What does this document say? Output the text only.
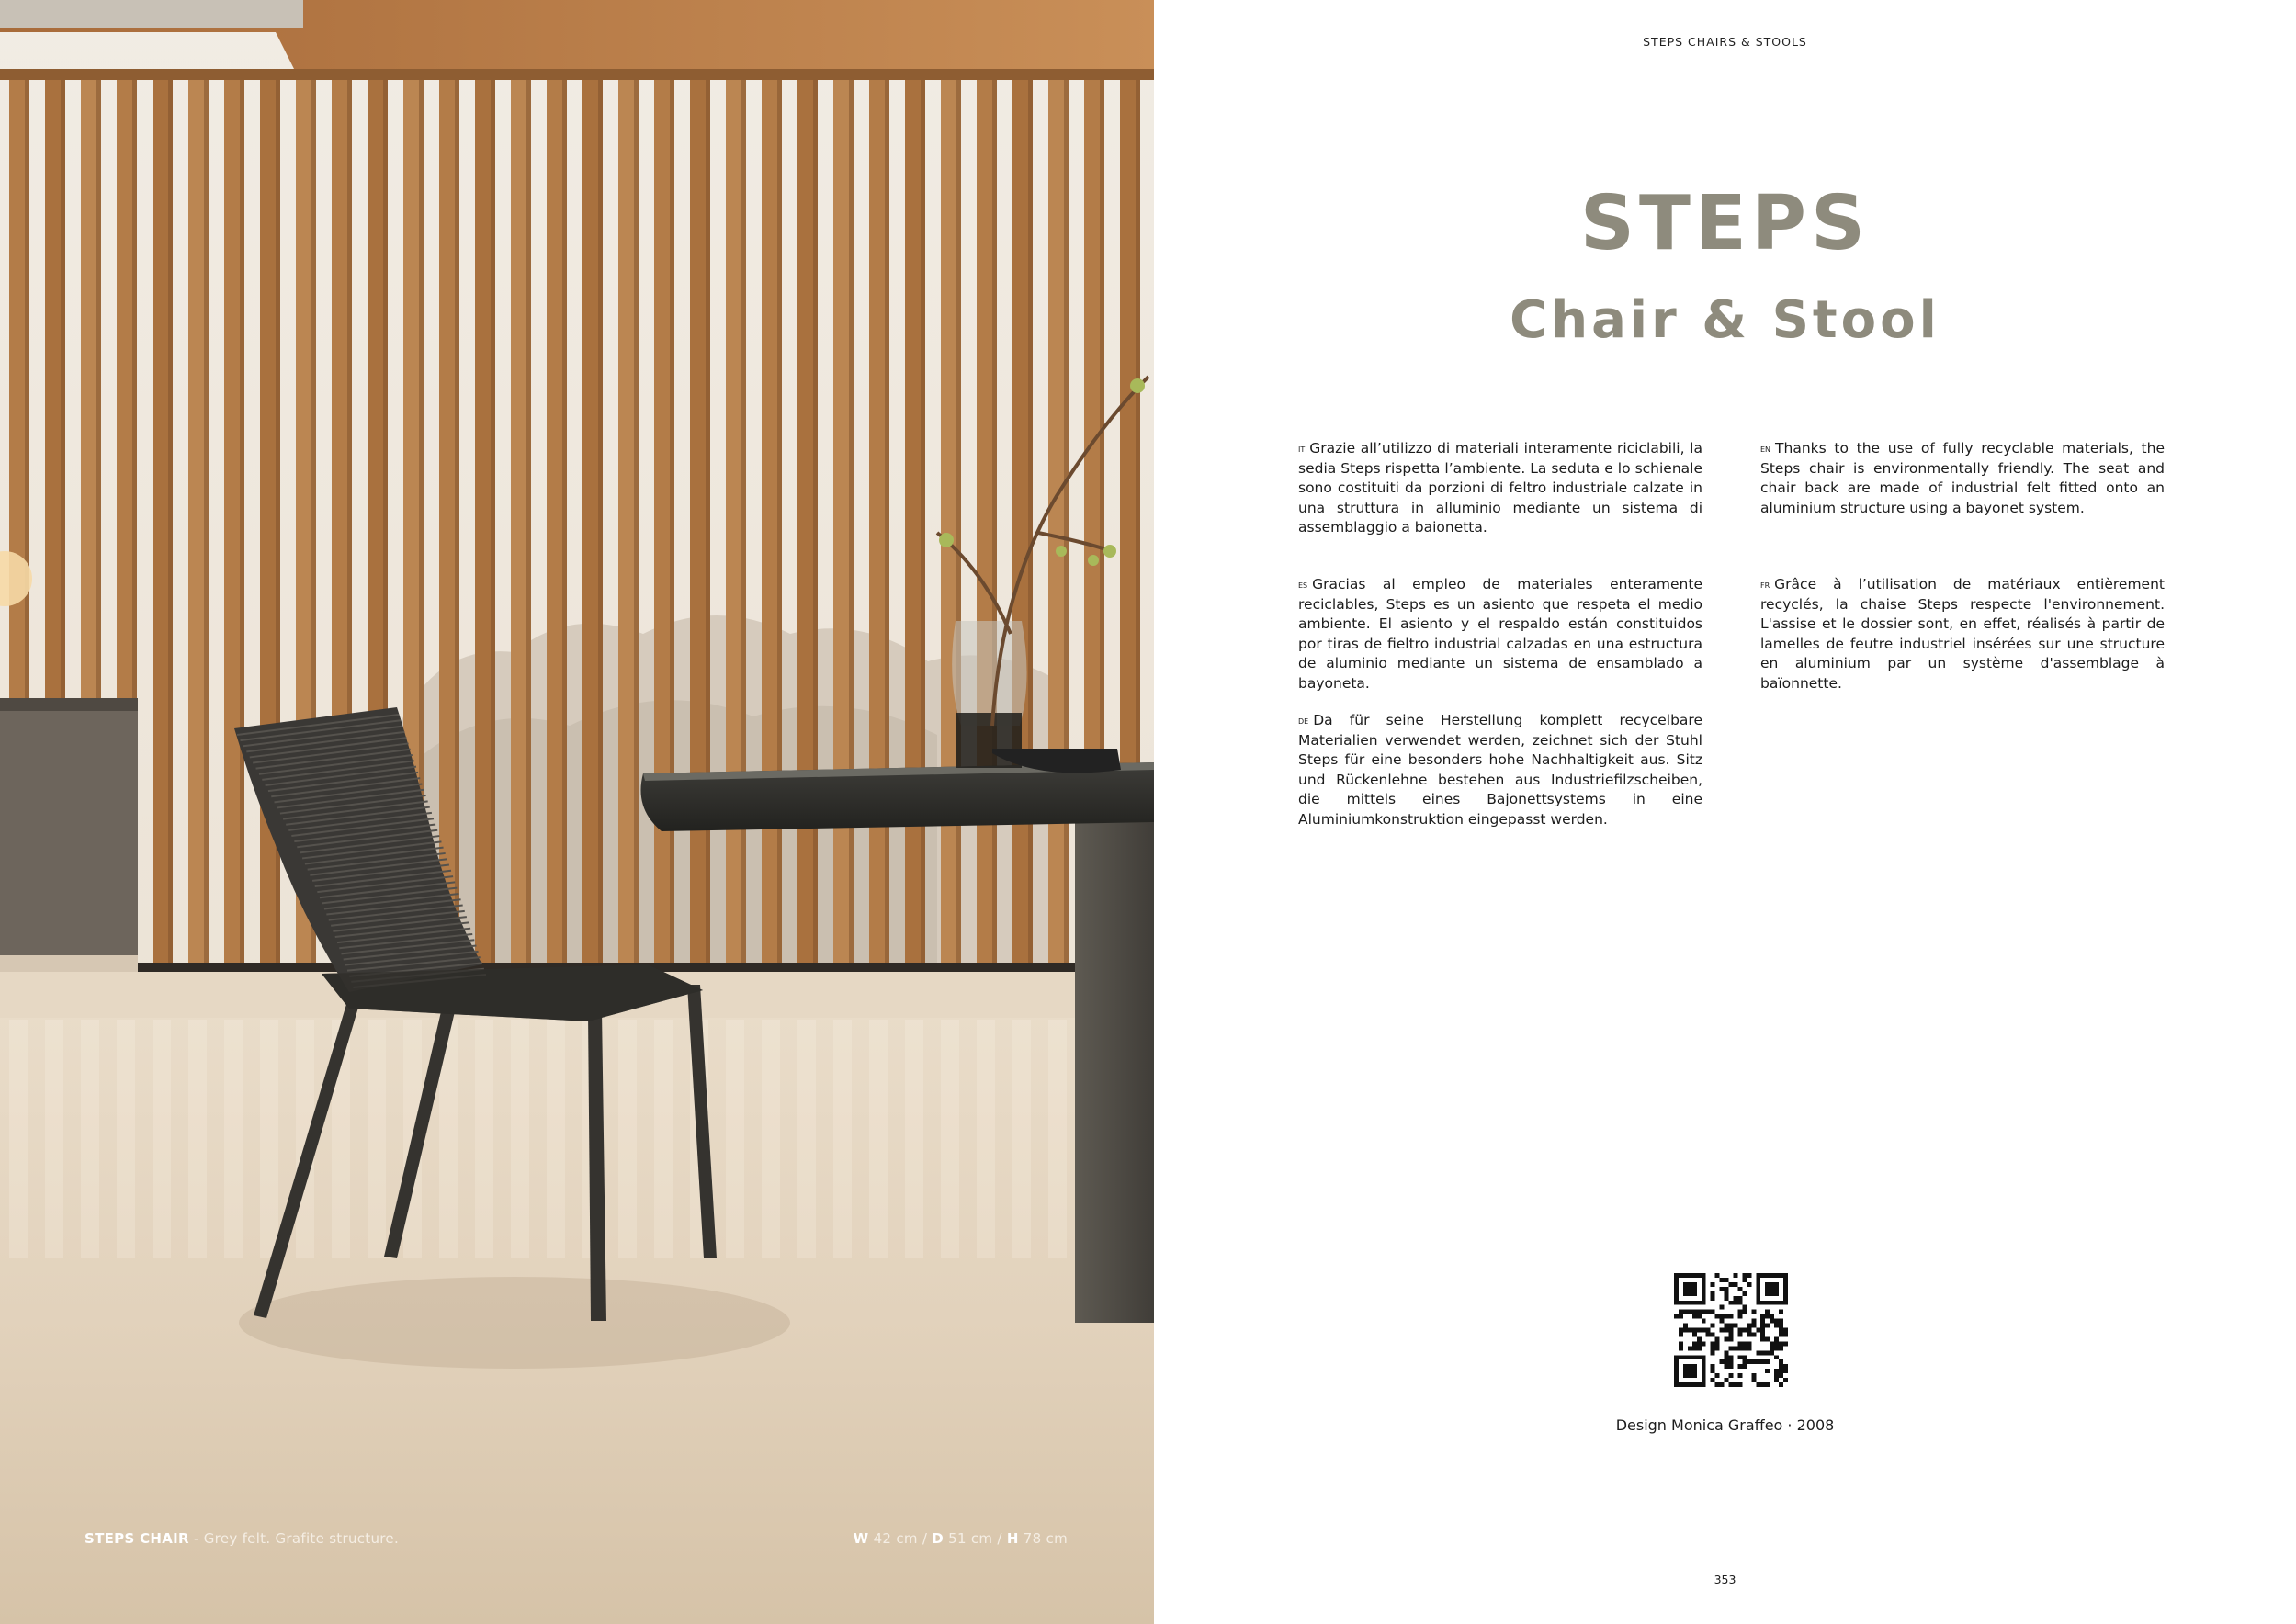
STEPS CHAIR - Grey felt. Grafite structure.	W 42 cm / D 51 cm / H 78 cm
STEPS CHAIRS & STOOLS
STEPS
Chair & Stool
$^{IT}$ Grazie all’utilizzo di materiali interamente riciclabili, la sedia Steps rispetta l’ambiente. La seduta e lo schienale sono costituiti da porzioni di feltro industriale calzate in una struttura in alluminio mediante un sistema di assemblaggio a baionetta.
$^{EN}$ Thanks to the use of fully recyclable materials, the Steps chair is environmentally friendly. The seat and chair back are made of industrial felt fitted onto an aluminium structure using a bayonet system.
$^{ES}$ Gracias al empleo de materiales enteramente reciclables, Steps es un asiento que respeta el medio ambiente. El asiento y el respaldo están constituidos por tiras de fieltro industrial calzadas en una estructura de aluminio mediante un sistema de ensamblado a bayoneta.
$^{FR}$ Grâce à l’utilisation de matériaux entièrement recyclés, la chaise Steps respecte l'environnement. L'assise et le dossier sont, en effet, réalisés à partir de lamelles de feutre industriel insérées sur une structure en aluminium par un système d'assemblage à baïonnette.
$^{DE}$ Da für seine Herstellung komplett recycelbare Materialien verwendet werden, zeichnet sich der Stuhl Steps für eine besonders hohe Nachhaltigkeit aus. Sitz und Rückenlehne bestehen aus Industriefilzscheiben, die mittels eines Bajonettsystems in eine Aluminiumkonstruktion eingepasst werden.
Design Monica Graffeo · 2008
353
